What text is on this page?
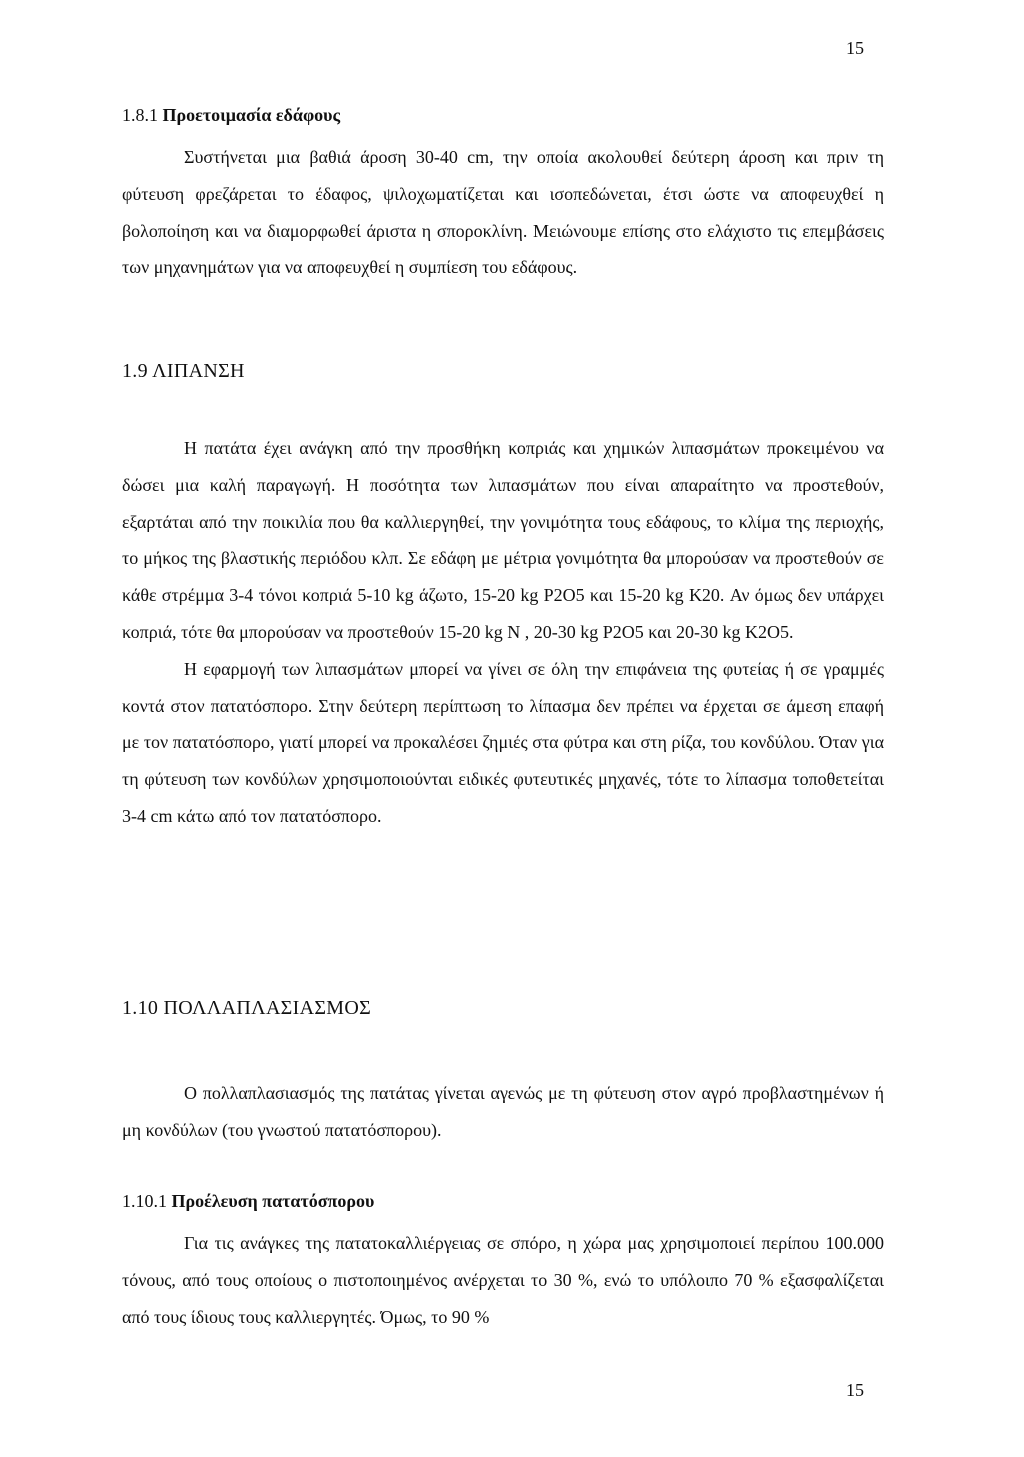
15
1.8.1 Προετοιμασία εδάφους

Συστήνεται μια βαθιά άροση 30-40 cm, την οποία ακολουθεί δεύτερη άροση και πριν τη φύτευση φρεζάρεται το έδαφος, ψιλοχωματίζεται και ισοπεδώνεται, έτσι ώστε να αποφευχθεί η βολοποίηση και να διαμορφωθεί άριστα η σποροκλίνη. Μειώνουμε επίσης στο ελάχιστο τις επεμβάσεις των μηχανημάτων για να αποφευχθεί η συμπίεση του εδάφους.

1.9 ΛΙΠΑΝΣΗ

Η πατάτα έχει ανάγκη από την προσθήκη κοπριάς και χημικών λιπασμάτων προκειμένου να δώσει μια καλή παραγωγή. Η ποσότητα των λιπασμάτων που είναι απαραίτητο να προστεθούν, εξαρτάται από την ποικιλία που θα καλλιεργηθεί, την γονιμότητα τους εδάφους, το κλίμα της περιοχής, το μήκος της βλαστικής περιόδου κλπ. Σε εδάφη με μέτρια γονιμότητα θα μπορούσαν να προστεθούν σε κάθε στρέμμα 3-4 τόνοι κοπριά 5-10 kg άζωτο, 15-20 kg P2O5 και 15-20 kg K20. Αν όμως δεν υπάρχει κοπριά, τότε θα μπορούσαν να προστεθούν 15-20 kg N , 20-30 kg P2O5 και 20-30 kg K2O5.

Η εφαρμογή των λιπασμάτων μπορεί να γίνει σε όλη την επιφάνεια της φυτείας ή σε γραμμές κοντά στον πατατόσπορο. Στην δεύτερη περίπτωση το λίπασμα δεν πρέπει να έρχεται σε άμεση επαφή με τον πατατόσπορο, γιατί μπορεί να προκαλέσει ζημιές στα φύτρα και στη ρίζα, του κονδύλου. Όταν για τη φύτευση των κονδύλων χρησιμοποιούνται ειδικές φυτευτικές μηχανές, τότε το λίπασμα τοποθετείται 3-4 cm κάτω από τον πατατόσπορο.

1.10 ΠΟΛΛΑΠΛΑΣΙΑΣΜΟΣ

Ο πολλαπλασιασμός της πατάτας γίνεται αγενώς με τη φύτευση στον αγρό προβλαστημένων ή μη κονδύλων (του γνωστού πατατόσπορου).

1.10.1 Προέλευση πατατόσπορου

Για τις ανάγκες της πατατοκαλλιέργειας σε σπόρο, η χώρα μας χρησιμοποιεί περίπου 100.000 τόνους, από τους οποίους ο πιστοποιημένος ανέρχεται το 30 %, ενώ το υπόλοιπο 70 % εξασφαλίζεται από τους ίδιους τους καλλιεργητές. Όμως, το 90 %

15
